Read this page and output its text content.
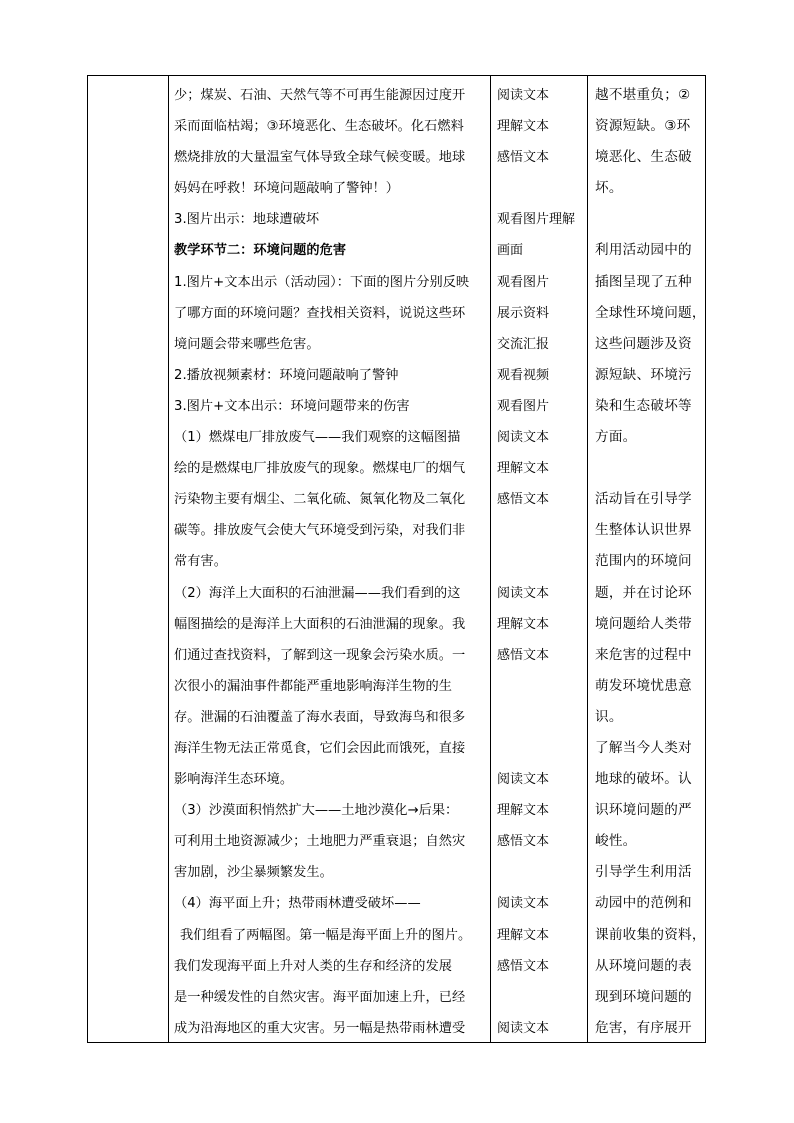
少；煤炭、石油、天然气等不可再生能源因过度开
采而面临枯竭；③环境恶化、生态破坏。化石燃料
燃烧排放的大量温室气体导致全球气候变暖。地球
妈妈在呼救！环境问题敲响了警钟！）
3.图片出示：地球遭破坏
教学环节二：环境问题的危害
1.图片+文本出示（活动园）：下面的图片分别反映
了哪方面的环境问题？查找相关资料，说说这些环
境问题会带来哪些危害。
2.播放视频素材：环境问题敲响了警钟
3.图片+文本出示：环境问题带来的伤害
（1）燃煤电厂排放废气——我们观察的这幅图描
绘的是燃煤电厂排放废气的现象。燃煤电厂的烟气
污染物主要有烟尘、二氧化硫、氮氧化物及二氧化
碳等。排放废气会使大气环境受到污染，对我们非
常有害。
（2）海洋上大面积的石油泄漏——我们看到的这
幅图描绘的是海洋上大面积的石油泄漏的现象。我
们通过查找资料，了解到这一现象会污染水质。一
次很小的漏油事件都能严重地影响海洋生物的生
存。泄漏的石油覆盖了海水表面，导致海鸟和很多
海洋生物无法正常觅食，它们会因此而饿死，直接
影响海洋生态环境。
（3）沙漠面积悄然扩大——土地沙漠化→后果：
可利用土地资源减少；土地肥力严重衰退；自然灾
害加剧，沙尘暴频繁发生。
（4）海平面上升；热带雨林遭受破坏——
我们组看了两幅图。第一幅是海平面上升的图片。
我们发现海平面上升对人类的生存和经济的发展
是一种缓发性的自然灾害。海平面加速上升，已经
成为沿海地区的重大灾害。另一幅是热带雨林遭受
阅读文本
理解文本
感悟文本
观看图片理解
画面
观看图片
展示资料
交流汇报
观看视频
观看图片
阅读文本
理解文本
感悟文本
阅读文本
理解文本
感悟文本
阅读文本
理解文本
感悟文本
阅读文本
理解文本
感悟文本
阅读文本
越不堪重负；②
资源短缺。③环
境恶化、生态破
坏。
利用活动园中的
插图呈现了五种
全球性环境问题，
这些问题涉及资
源短缺、环境污
染和生态破坏等
方面。
活动旨在引导学
生整体认识世界
范围内的环境问
题，并在讨论环
境问题给人类带
来危害的过程中
萌发环境忧患意
识。
了解当今人类对
地球的破坏。认
识环境问题的严
峻性。
引导学生利用活
动园中的范例和
课前收集的资料，
从环境问题的表
现到环境问题的
危害，有序展开
